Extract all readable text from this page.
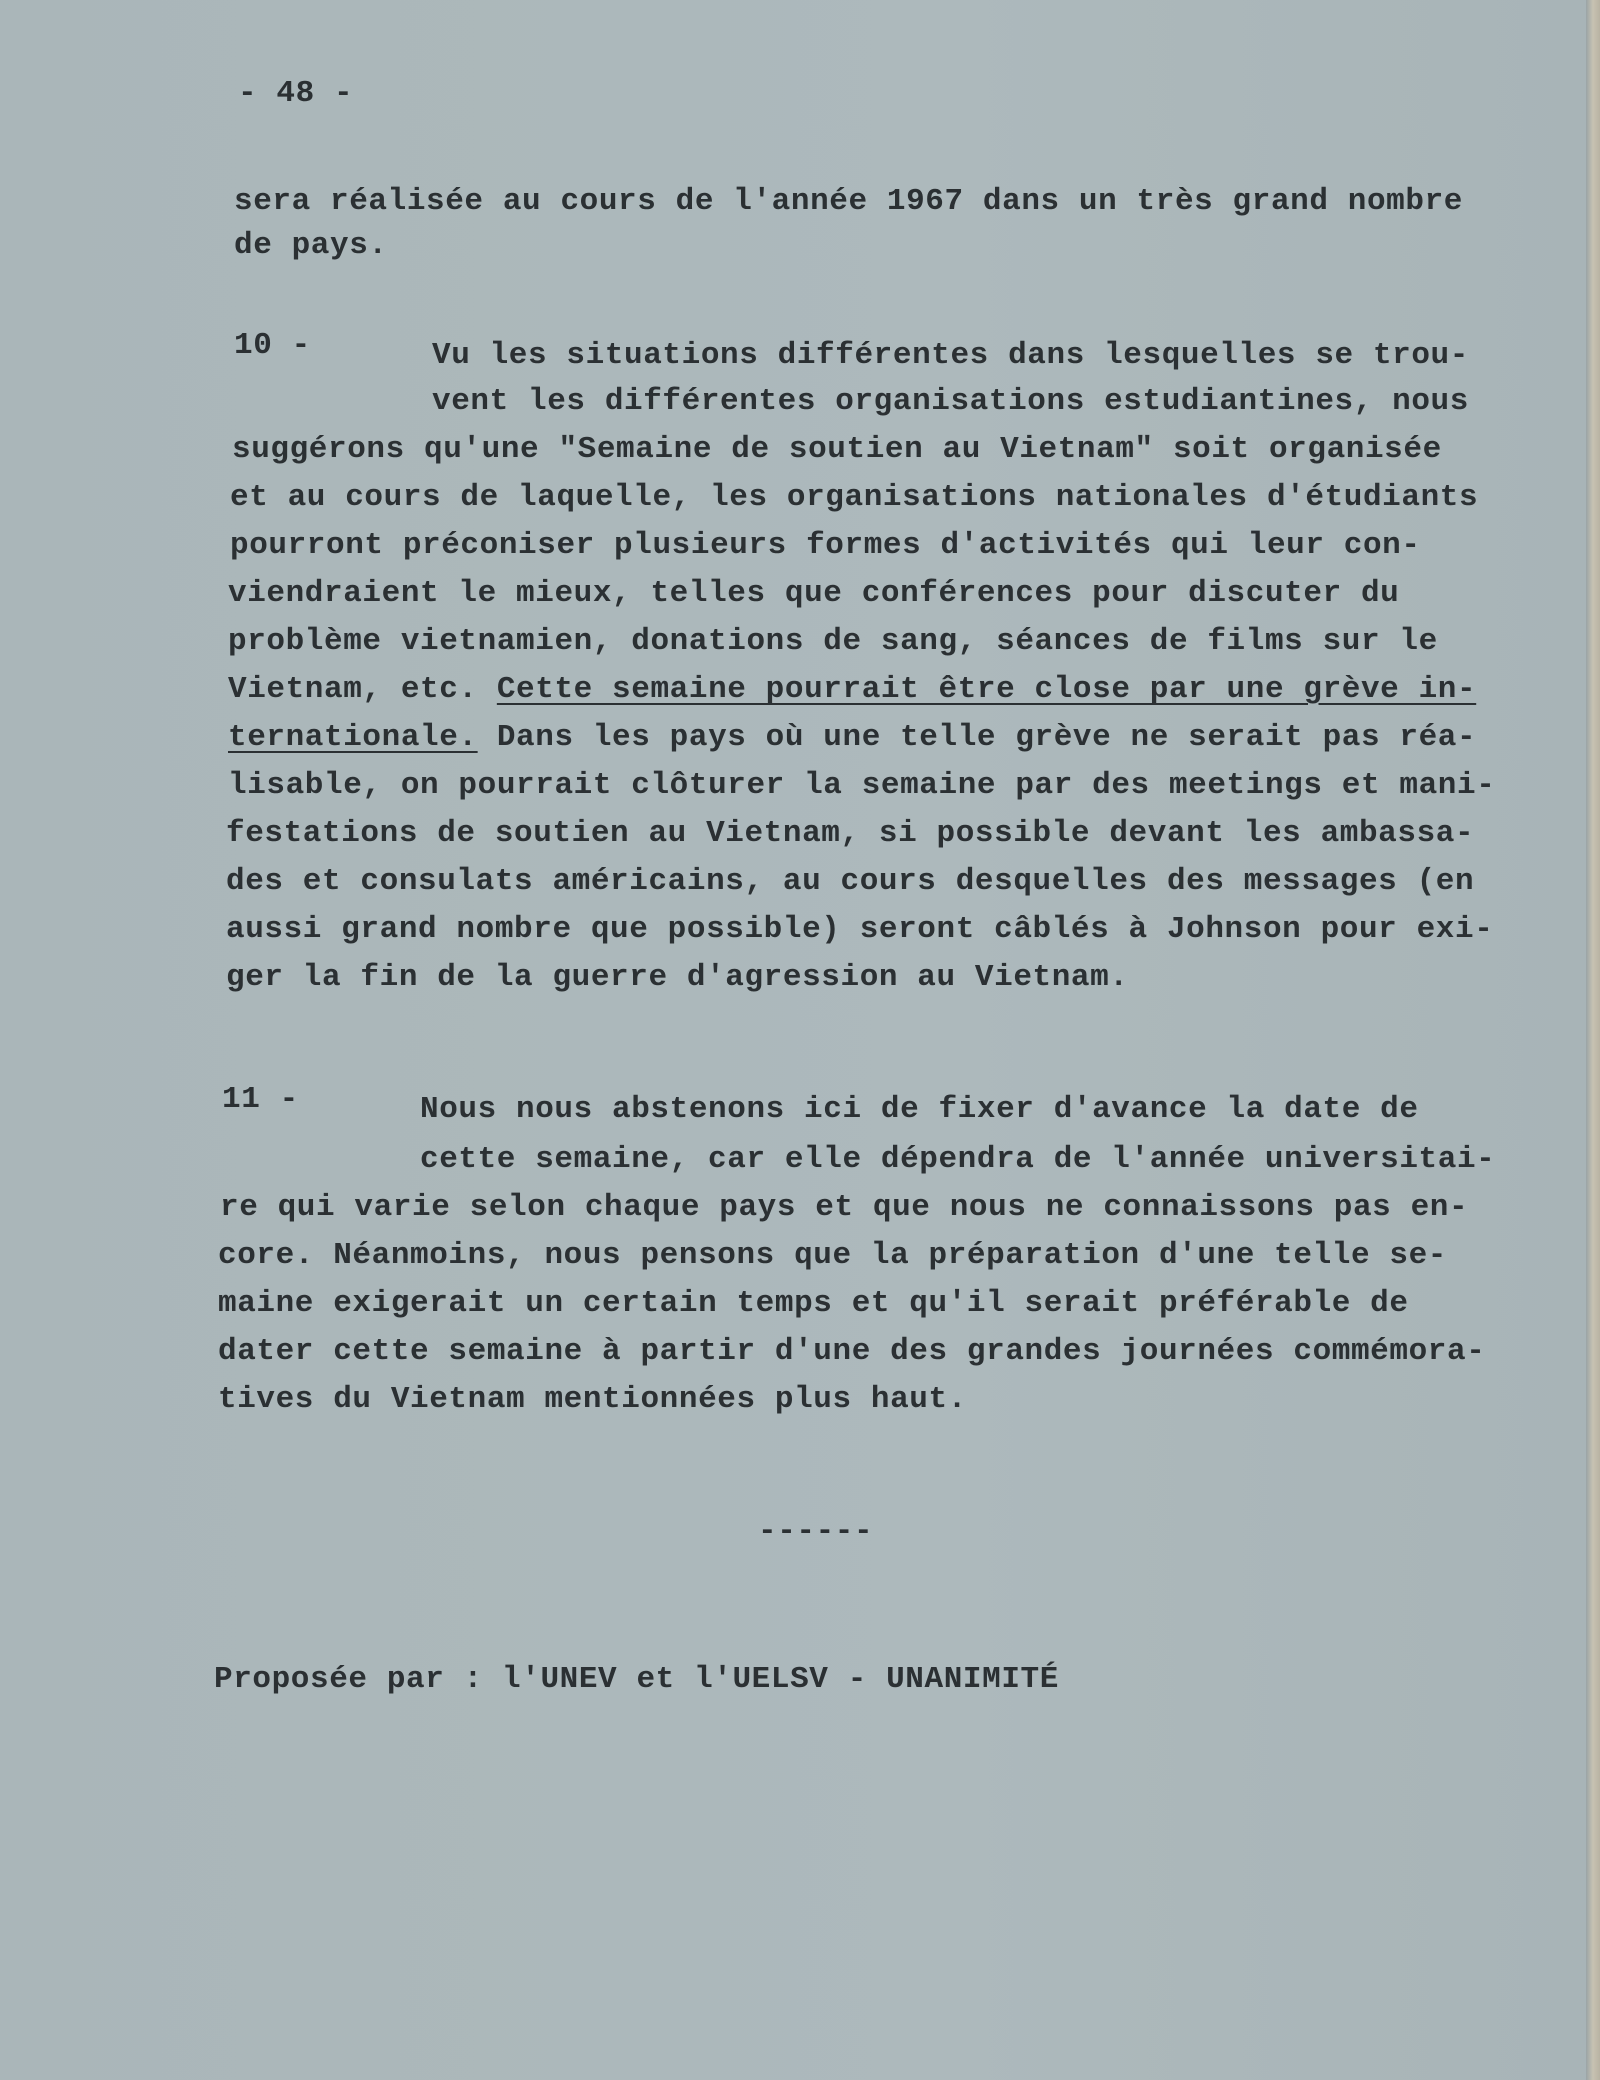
- 48 -
sera réalisée au cours de l'année 1967 dans un très grand nombre
de pays.
10 -	Vu les situations différentes dans lesquelles se trou-
vent les différentes organisations estudiantines, nous
suggérons qu'une "Semaine de soutien au Vietnam" soit organisée
et au cours de laquelle, les organisations nationales d'étudiants
pourront préconiser plusieurs formes d'activités qui leur con-
viendraient le mieux, telles que conférences pour discuter du
problème vietnamien, donations de sang, séances de films sur le
Vietnam, etc. Cette semaine pourrait être close par une grève in-
ternationale. Dans les pays où une telle grève ne serait pas réa-
lisable, on pourrait clôturer la semaine par des meetings et mani-
festations de soutien au Vietnam, si possible devant les ambassa-
des et consulats américains, au cours desquelles des messages (en
aussi grand nombre que possible) seront câblés à Johnson pour exi-
ger la fin de la guerre d'agression au Vietnam.
11 -	Nous nous abstenons ici de fixer d'avance la date de
cette semaine, car elle dépendra de l'année universitai-
re qui varie selon chaque pays et que nous ne connaissons pas en-
core. Néanmoins, nous pensons que la préparation d'une telle se-
maine exigerait un certain temps et qu'il serait préférable de
dater cette semaine à partir d'une des grandes journées commémora-
tives du Vietnam mentionnées plus haut.
------
Proposée par : l'UNEV et l'UELSV - UNANIMITÉ
